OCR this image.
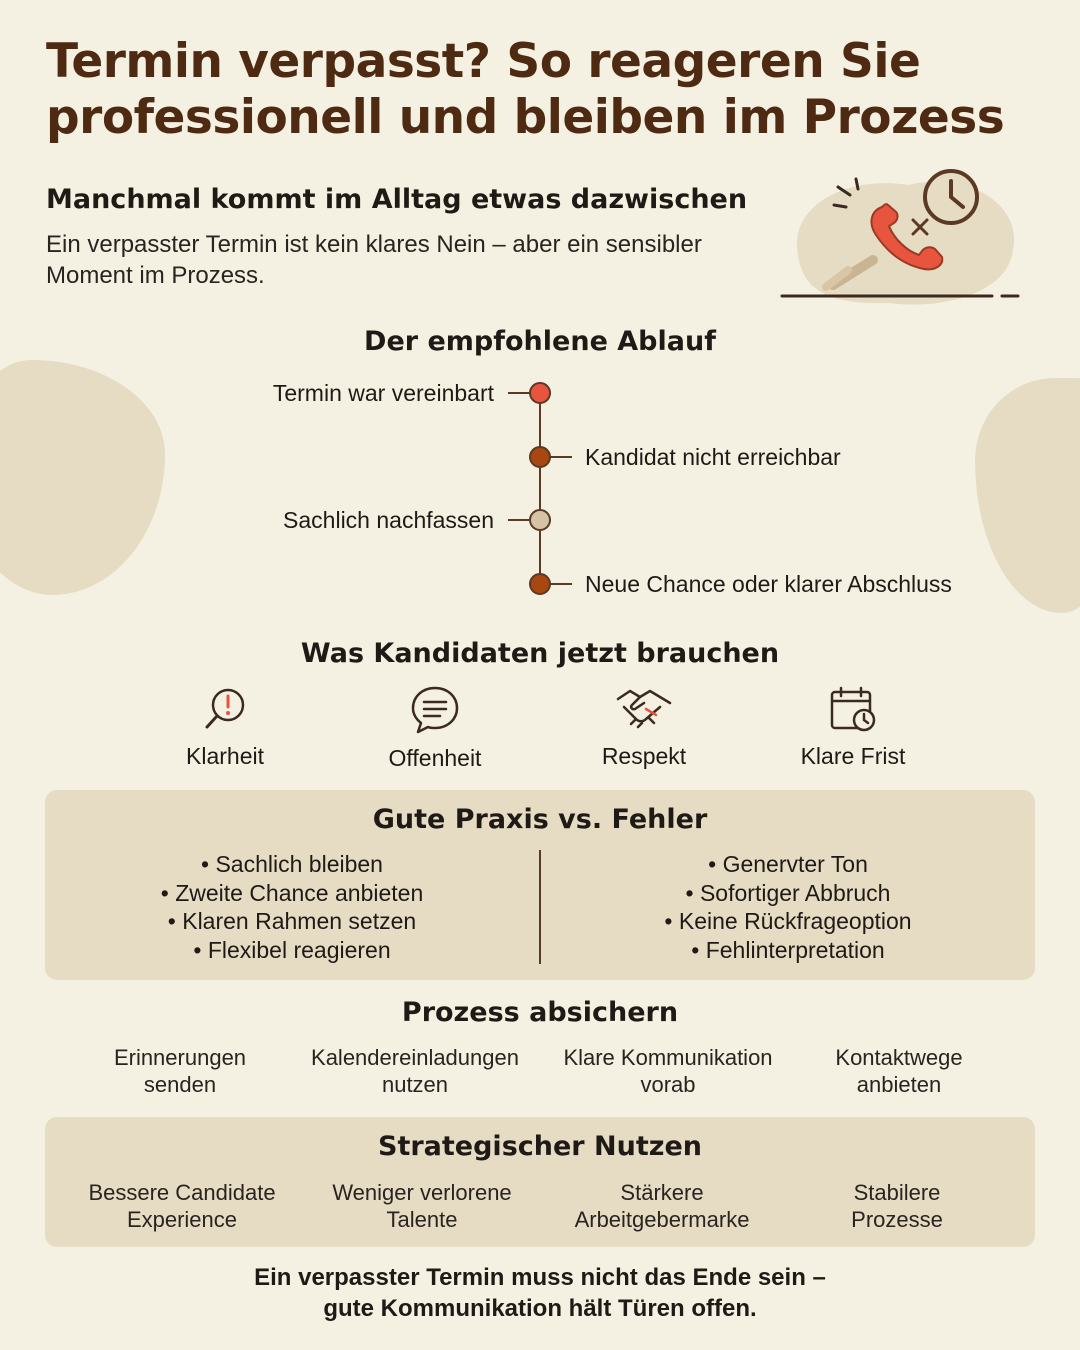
Termin verpasst? So reageren Sie professionell und bleiben im Prozess
Manchmal kommt im Alltag etwas dazwischen
Ein verpasster Termin ist kein klares Nein – aber ein sensibler Moment im Prozess.
Der empfohlene Ablauf
Termin war vereinbart
Kandidat nicht erreichbar
Sachlich nachfassen
Neue Chance oder klarer Abschluss
Was Kandidaten jetzt brauchen
Klarheit	Offenheit	Respekt	Klare Frist
Gute Praxis vs. Fehler
• Sachlich bleiben
• Zweite Chance anbieten
• Klaren Rahmen setzen
• Flexibel reagieren
• Genervter Ton
• Sofortiger Abbruch
• Keine Rückfrageoption
• Fehlinterpretation
Prozess absichern
Erinnerungen
senden
Kalendereinladungen
nutzen
Klare Kommunikation
vorab
Kontaktwege
anbieten
Strategischer Nutzen
Bessere Candidate
Experience
Weniger verlorene
Talente
Stärkere
Arbeitgebermarke
Stabilere
Prozesse
Ein verpasster Termin muss nicht das Ende sein –
gute Kommunikation hält Türen offen.
